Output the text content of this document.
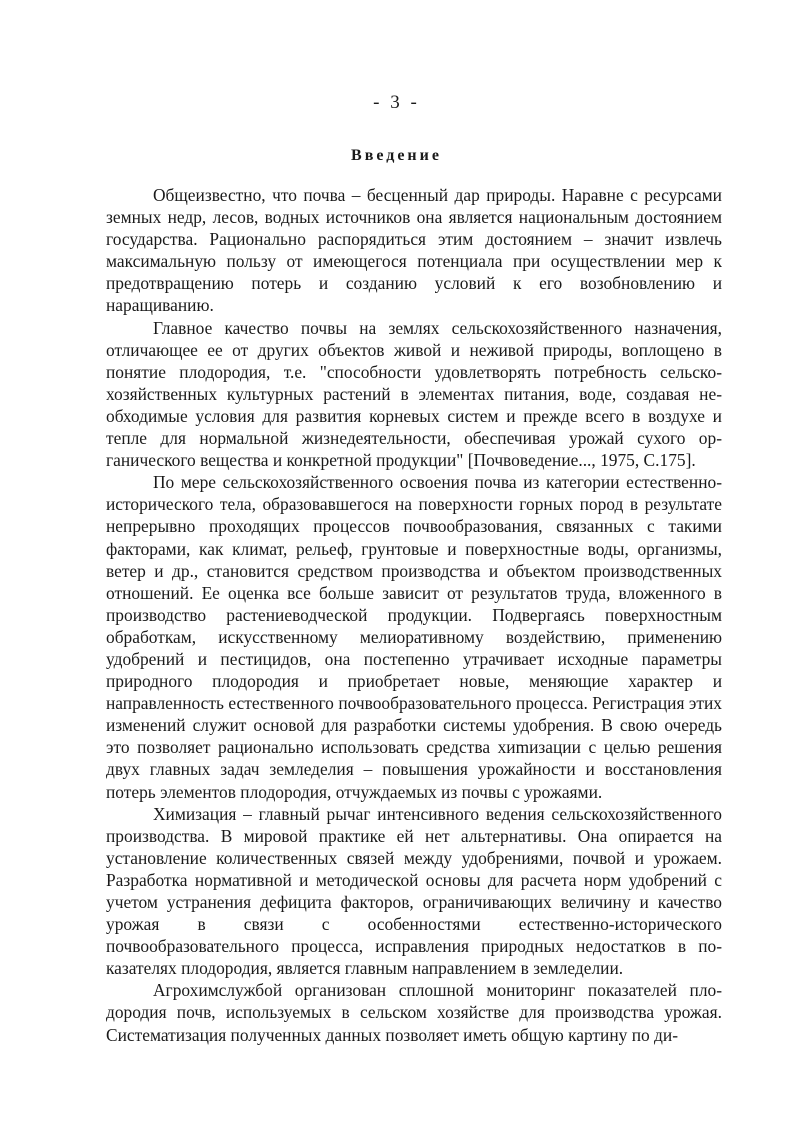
- 3 -
Введение

Общеизвестно, что почва – бесценный дар природы. Наравне с ресурсами земных недр, лесов, водных источников она является национальным достоянием государства. Рационально распорядиться этим достоянием – значит извлечь максимальную пользу от имеющегося потенциала при осуществлении мер к предотвращению потерь и созданию условий к его возобновлению и наращиванию.

Главное качество почвы на землях сельскохозяйственного назначения, отличающее ее от других объектов живой и неживой природы, воплощено в понятие плодородия, т.е. "способности удовлетворять потребность сельскохозяйственных культурных растений в элементах питания, воде, создавая необходимые условия для развития корневых систем и прежде всего в воздухе и тепле для нормальной жизнедеятельности, обеспечивая урожай сухого органического вещества и конкретной продукции" [Почвоведение..., 1975, С.175].

По мере сельскохозяйственного освоения почва из категории естественно-исторического тела, образовавшегося на поверхности горных пород в результате непрерывно проходящих процессов почвообразования, связанных с такими факторами, как климат, рельеф, грунтовые и поверхностные воды, организмы, ветер и др., становится средством производства и объектом производственных отношений. Ее оценка все больше зависит от результатов труда, вложенного в производство растениеводческой продукции. Подвергаясь поверхностным обработкам, искусственному мелиоративному воздействию, применению удобрений и пестицидов, она постепенно утрачивает исходные параметры природного плодородия и приобретает новые, меняющие характер и направленность естественного почвообразовательного процесса. Регистрация этих изменений служит основой для разработки системы удобрения. В свою очередь это позволяет рационально использовать средства хиmизации с целью решения двух главных задач земледелия – повышения урожайности и восстановления потерь элементов плодородия, отчуждаемых из почвы с урожаями.

Химизация – главный рычаг интенсивного ведения сельскохозяйственного производства. В мировой практике ей нет альтернативы. Она опирается на установление количественных связей между удобрениями, почвой и урожаем. Разработка нормативной и методической основы для расчета норм удобрений с учетом устранения дефицита факторов, ограничивающих величину и качество урожая в связи с особенностями естественно-исторического почвообразовательного процесса, исправления природных недостатков в показателях плодородия, является главным направлением в земледелии.

Агрохимслужбой организован сплошной мониторинг показателей плодородия почв, используемых в сельском хозяйстве для производства урожая. Систематизация полученных данных позволяет иметь общую картину по ди-
